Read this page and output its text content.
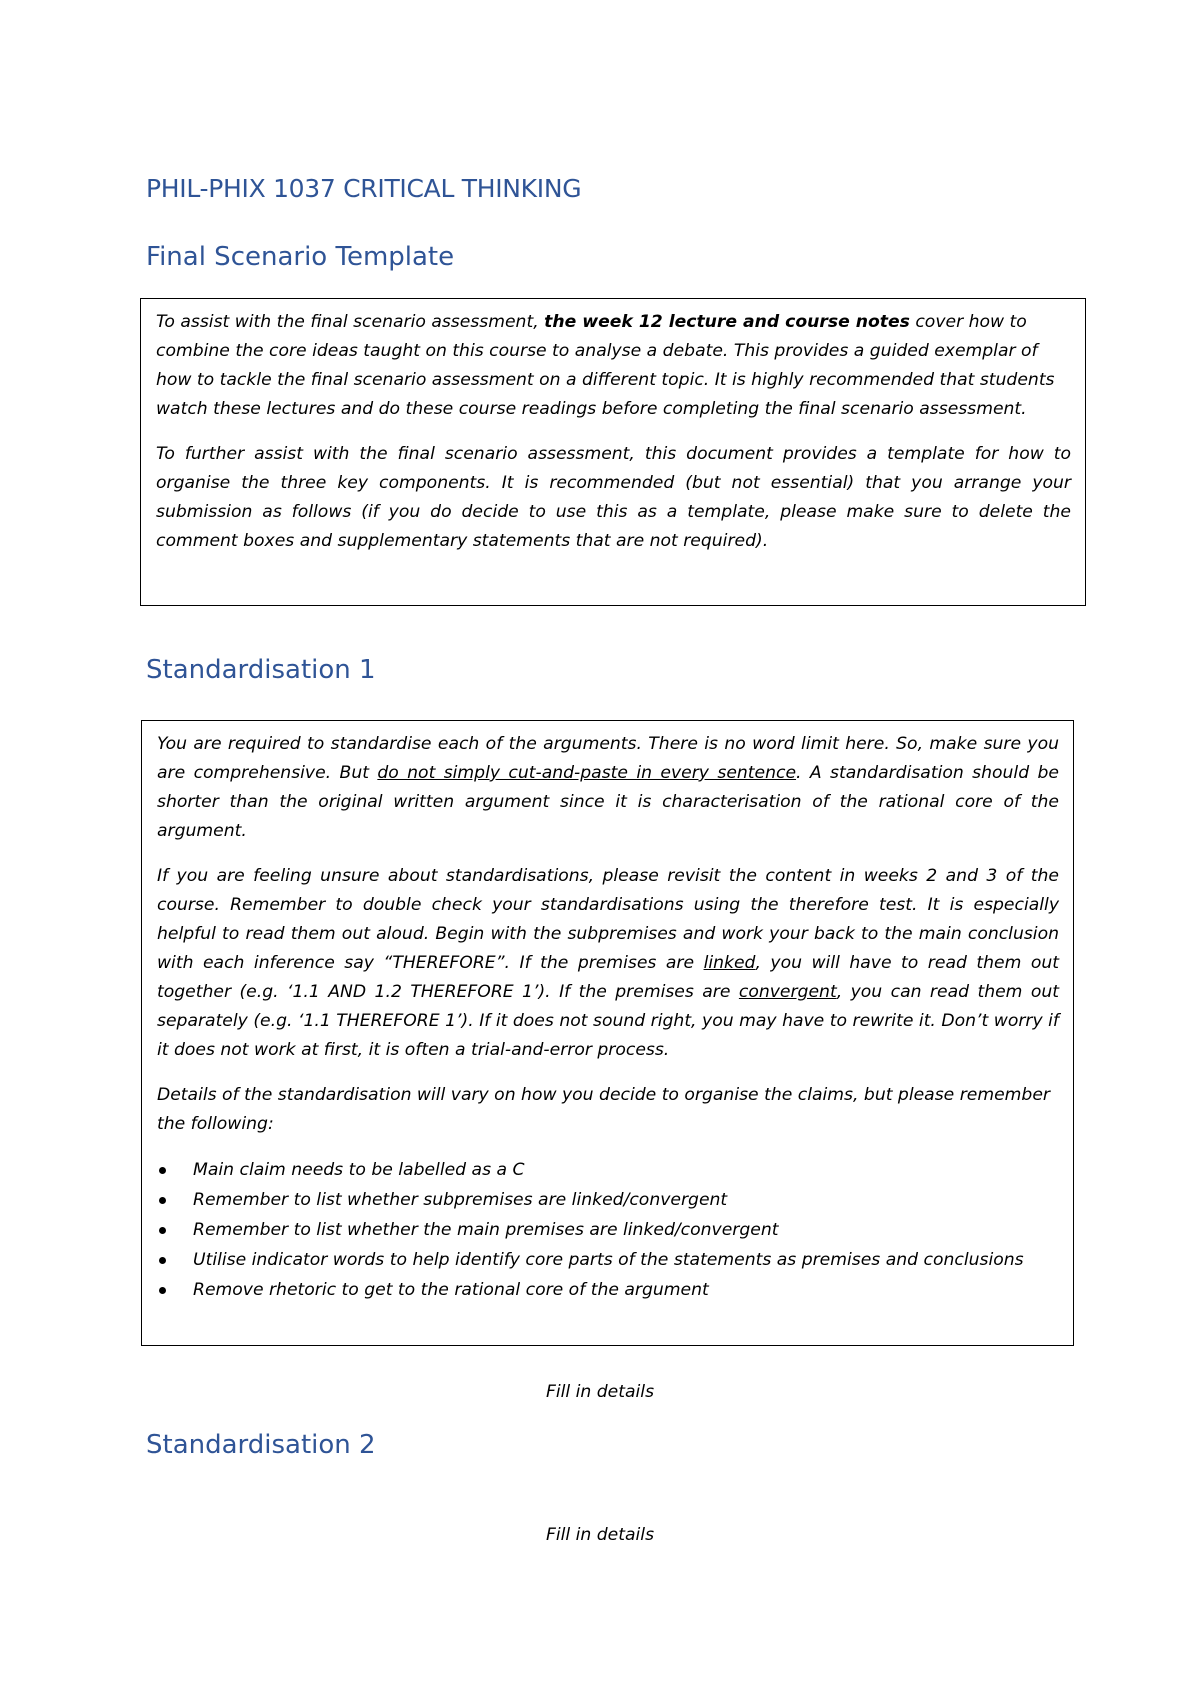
PHIL-PHIX 1037 CRITICAL THINKING
Final Scenario Template

To assist with the final scenario assessment, the week 12 lecture and course notes cover how to combine the core ideas taught on this course to analyse a debate. This provides a guided exemplar of how to tackle the final scenario assessment on a different topic. It is highly recommended that students watch these lectures and do these course readings before completing the final scenario assessment.

To further assist with the final scenario assessment, this document provides a template for how to organise the three key components. It is recommended (but not essential) that you arrange your submission as follows (if you do decide to use this as a template, please make sure to delete the comment boxes and supplementary statements that are not required).

Standardisation 1

You are required to standardise each of the arguments. There is no word limit here. So, make sure you are comprehensive. But do not simply cut-and-paste in every sentence. A standardisation should be shorter than the original written argument since it is characterisation of the rational core of the argument.

If you are feeling unsure about standardisations, please revisit the content in weeks 2 and 3 of the course. Remember to double check your standardisations using the therefore test. It is especially helpful to read them out aloud. Begin with the subpremises and work your back to the main conclusion with each inference say “THEREFORE”. If the premises are linked, you will have to read them out together (e.g. ‘1.1 AND 1.2 THEREFORE 1’). If the premises are convergent, you can read them out separately (e.g. ‘1.1 THEREFORE 1’). If it does not sound right, you may have to rewrite it. Don’t worry if it does not work at first, it is often a trial-and-error process.

Details of the standardisation will vary on how you decide to organise the claims, but please remember the following:

Main claim needs to be labelled as a C
Remember to list whether subpremises are linked/convergent
Remember to list whether the main premises are linked/convergent
Utilise indicator words to help identify core parts of the statements as premises and conclusions
Remove rhetoric to get to the rational core of the argument
Fill in details
Standardisation 2
Fill in details
